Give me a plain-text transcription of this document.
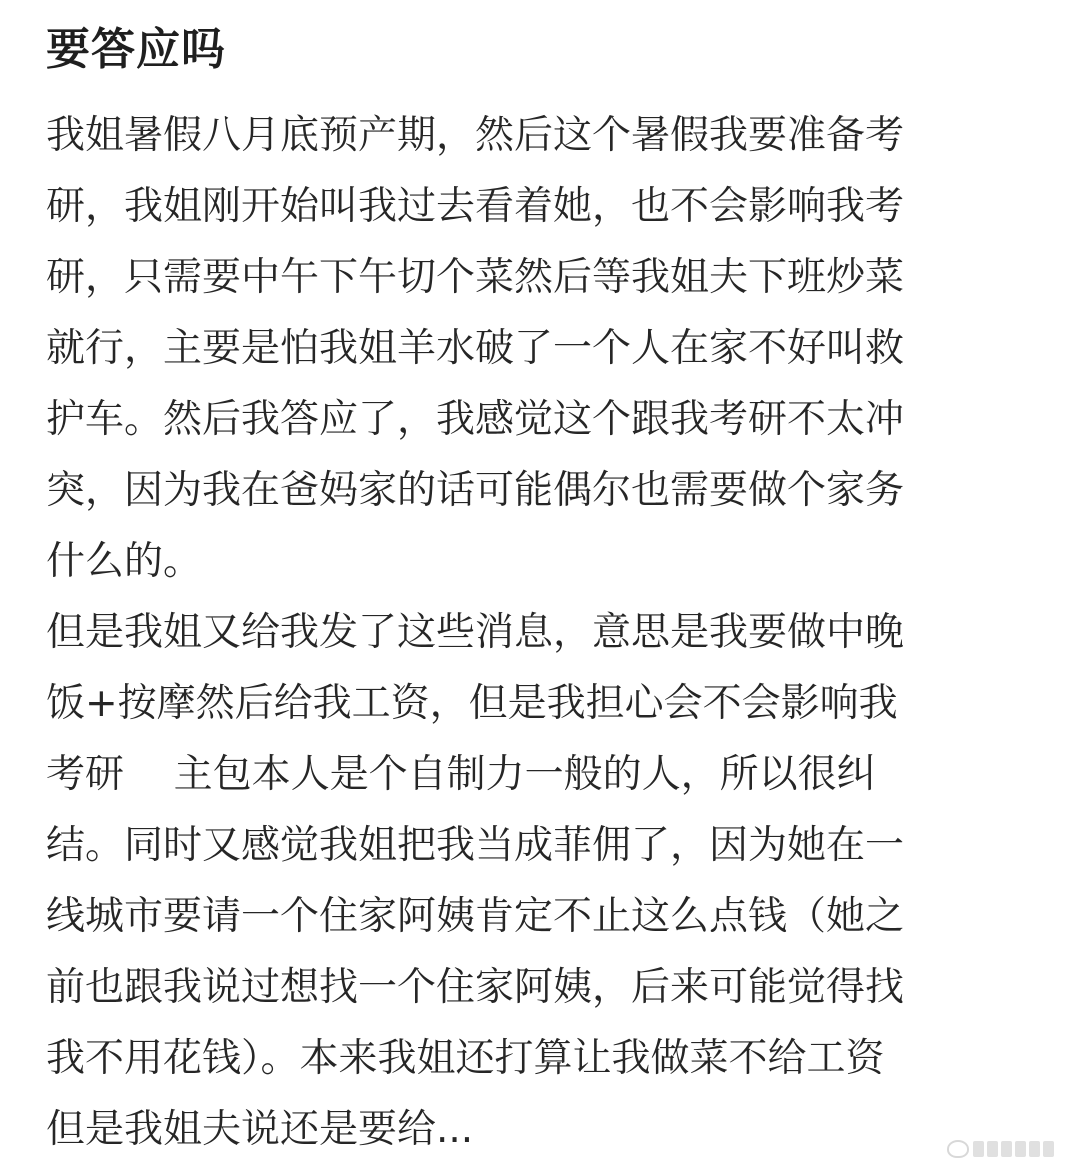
要答应吗
我姐暑假八月底预产期，然后这个暑假我要准备考
研，我姐刚开始叫我过去看着她，也不会影响我考
研，只需要中午下午切个菜然后等我姐夫下班炒菜
就行，主要是怕我姐羊水破了一个人在家不好叫救
护车。然后我答应了，我感觉这个跟我考研不太冲
突，因为我在爸妈家的话可能偶尔也需要做个家务
什么的。
但是我姐又给我发了这些消息，意思是我要做中晚
饭+按摩然后给我工资，但是我担心会不会影响我
考研    主包本人是个自制力一般的人，所以很纠
结。同时又感觉我姐把我当成菲佣了，因为她在一
线城市要请一个住家阿姨肯定不止这么点钱（她之
前也跟我说过想找一个住家阿姨，后来可能觉得找
我不用花钱）。本来我姐还打算让我做菜不给工资
但是我姐夫说还是要给...
